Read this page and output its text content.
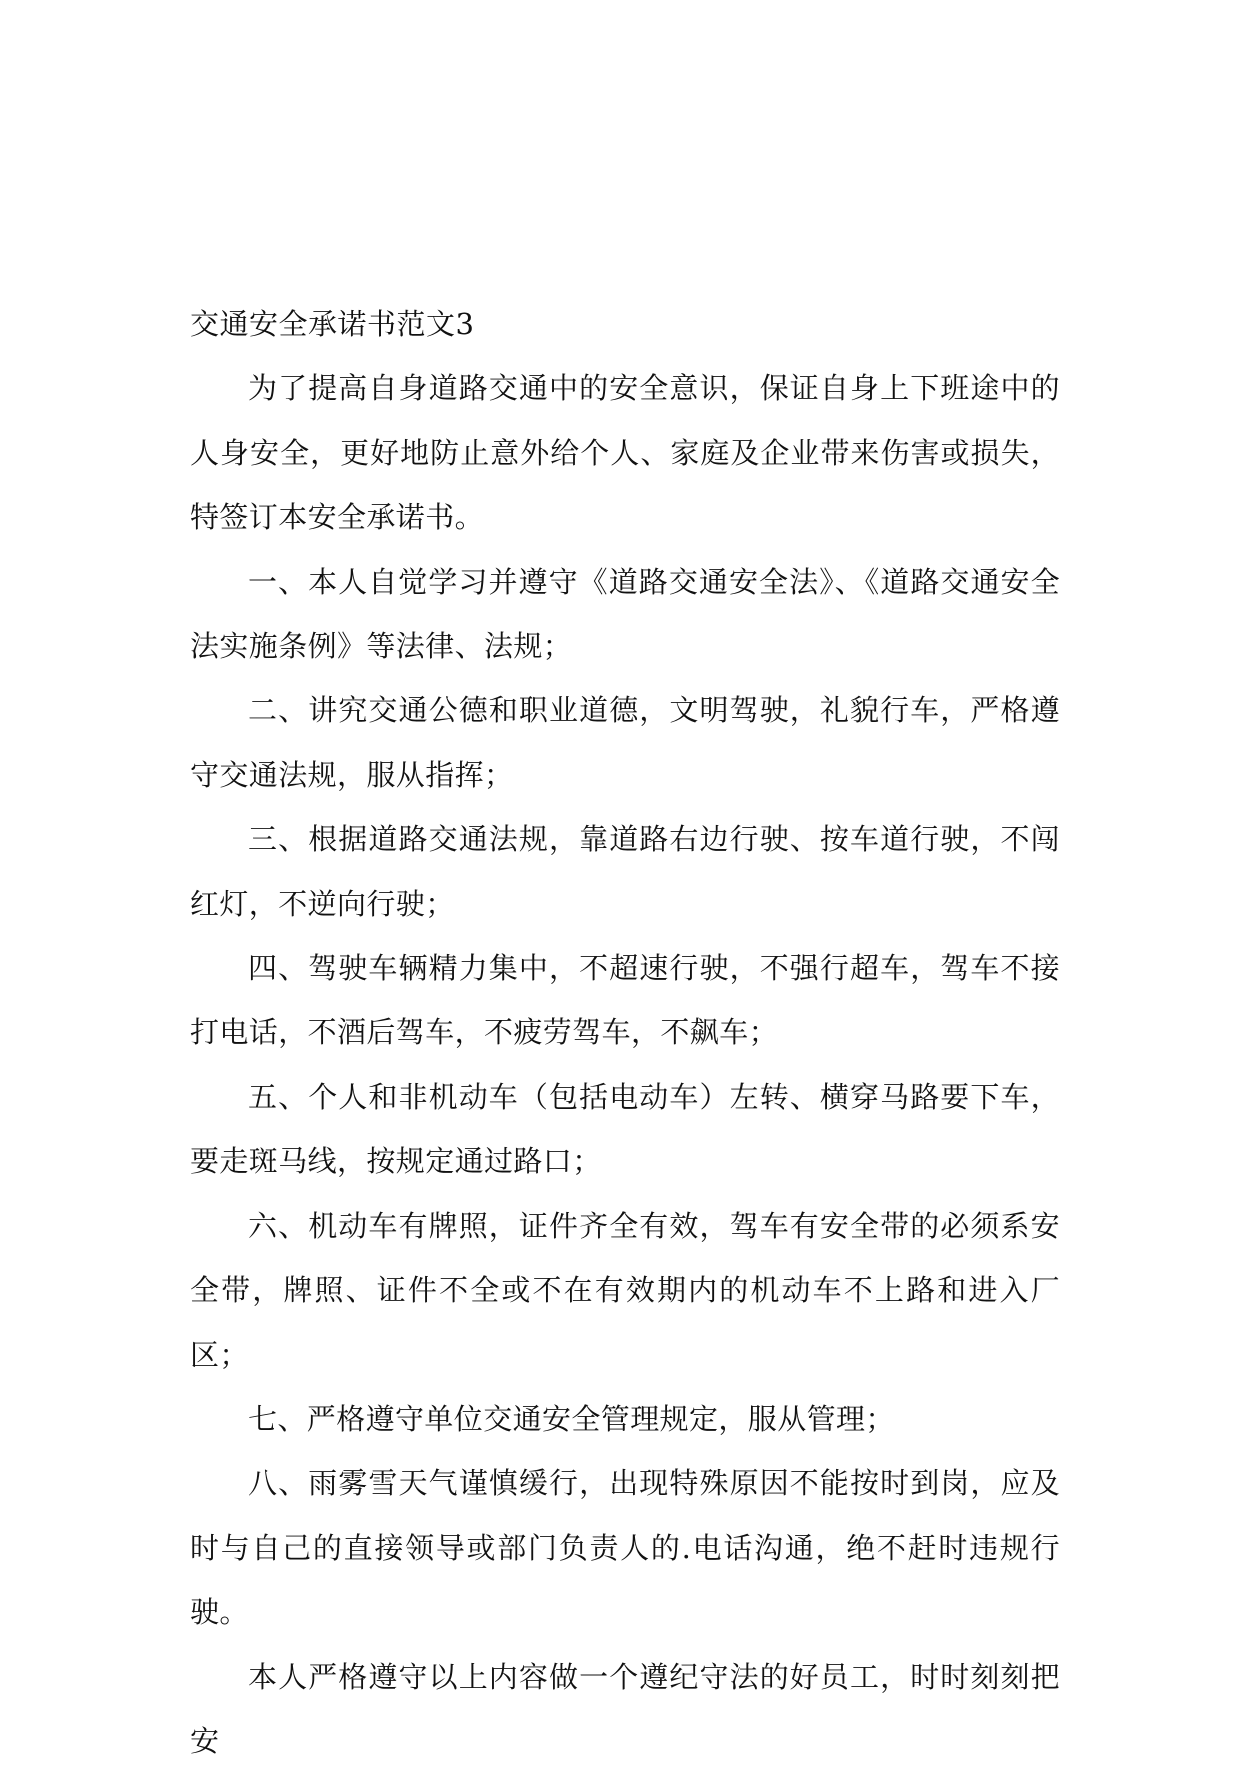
交通安全承诺书范文3

为了提高自身道路交通中的安全意识，保证自身上下班途中的人身安全，更好地防止意外给个人、家庭及企业带来伤害或损失，特签订本安全承诺书。

一、本人自觉学习并遵守《道路交通安全法》、《道路交通安全法实施条例》等法律、法规；

二、讲究交通公德和职业道德，文明驾驶，礼貌行车，严格遵守交通法规，服从指挥；

三、根据道路交通法规，靠道路右边行驶、按车道行驶，不闯红灯，不逆向行驶；

四、驾驶车辆精力集中，不超速行驶，不强行超车，驾车不接打电话，不酒后驾车，不疲劳驾车，不飙车；

五、个人和非机动车（包括电动车）左转、横穿马路要下车，要走斑马线，按规定通过路口；

六、机动车有牌照，证件齐全有效，驾车有安全带的必须系安全带，牌照、证件不全或不在有效期内的机动车不上路和进入厂区；

七、严格遵守单位交通安全管理规定，服从管理；

八、雨雾雪天气谨慎缓行，出现特殊原因不能按时到岗，应及时与自己的直接领导或部门负责人的.电话沟通，绝不赶时违规行驶。

本人严格遵守以上内容做一个遵纪守法的好员工，时时刻刻把安
